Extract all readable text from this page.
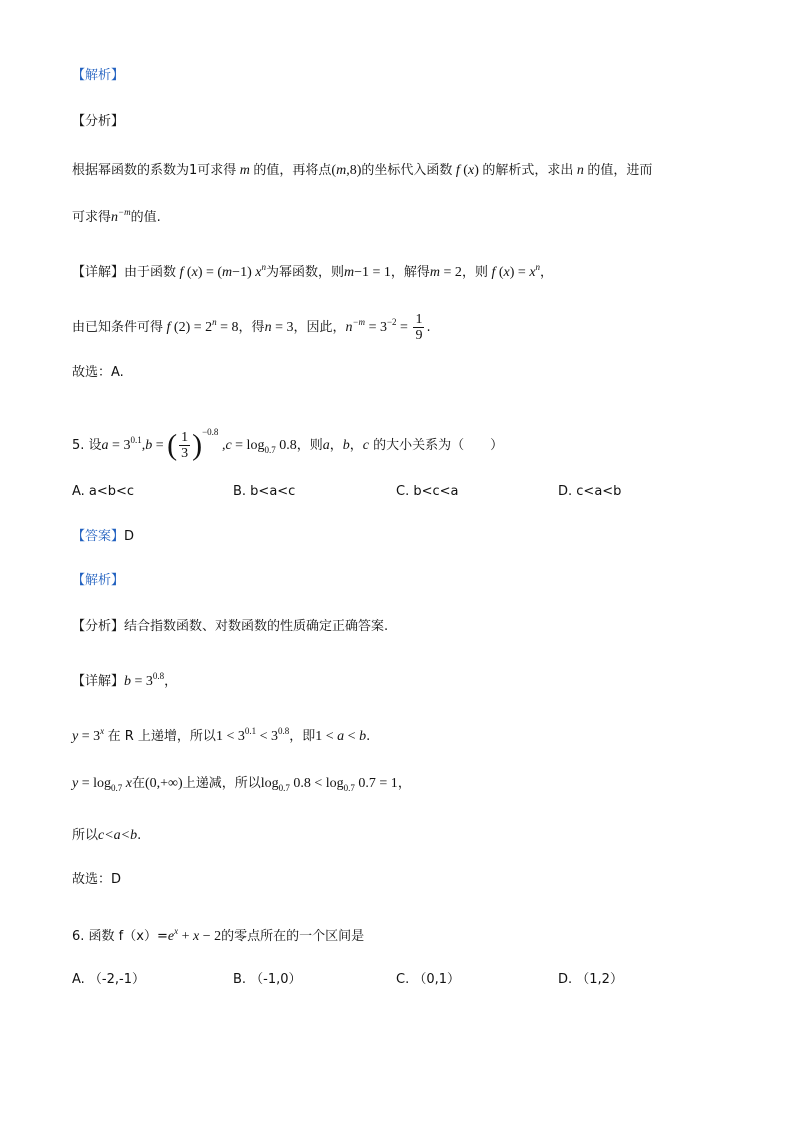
【解析】
【分析】
根据幂函数的系数为1可求得 m 的值，再将点(m,8)的坐标代入函数 f (x) 的解析式，求出 n 的值，进而
可求得$n^{-m}$的值.
【详解】由于函数 f (x) = (m−1) $x^n$为幂函数，则m−1 = 1，解得m = 2，则 f $(x) = x^n$，
由已知条件可得 f $(2) = 2^n = 8$，得n = 3，因此，$n^{-m} = 3^{-2} = \frac{1}{9}$ .
故选：A.
5. 设$a = 3^{0.1},b$ = ( $\frac{1}{3} )^{-0.8}$ $,c = \log_{0.7} 0.8$，则a，b，c 的大小关系为（　　）
A. a<b<c	B. b<a<c	C. b<c<a	D. c<a<b
【答案】D
【解析】
【分析】结合指数函数、对数函数的性质确定正确答案.
【详解】$b = 3^{0.8}$，
$y = 3^x$ 在 R 上递增，所以$1 < 3^{0.1} < 3^{0.8}$，即1 < a < b.
$y = \log_{0.7} x$在(0,+∞)上递减，所以$\log_{0.7} 0.8 < \log_{0.7} 0.7 = 1$，
所以c<a<b.
故选：D
6. 函数 $f(x)=e^x + x - 2$的零点所在的一个区间是
A. （-2,-1）	B. （-1,0）	C. （0,1）	D. （1,2）
